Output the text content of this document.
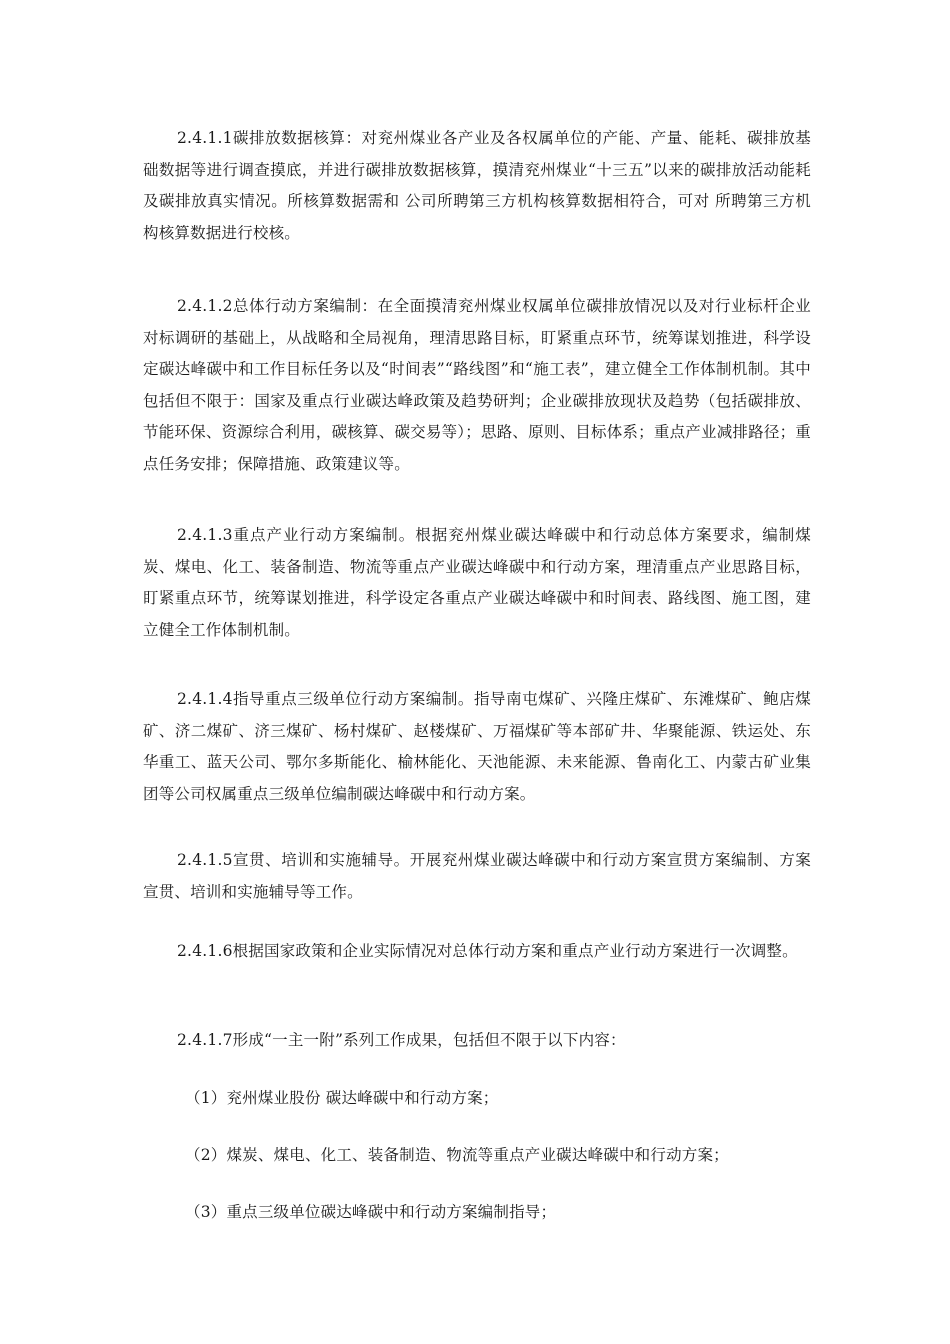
2.4.1.1碳排放数据核算：对兖州煤业各产业及各权属单位的产能、产量、能耗、碳排放基础数据等进行调查摸底，并进行碳排放数据核算，摸清兖州煤业“十三五”以来的碳排放活动能耗及碳排放真实情况。所核算数据需和 公司所聘第三方机构核算数据相符合，可对 所聘第三方机构核算数据进行校核。

2.4.1.2总体行动方案编制：在全面摸清兖州煤业权属单位碳排放情况以及对行业标杆企业对标调研的基础上，从战略和全局视角，理清思路目标，盯紧重点环节，统筹谋划推进，科学设定碳达峰碳中和工作目标任务以及“时间表”“路线图”和“施工表”，建立健全工作体制机制。其中包括但不限于：国家及重点行业碳达峰政策及趋势研判；企业碳排放现状及趋势（包括碳排放、节能环保、资源综合利用，碳核算、碳交易等）；思路、原则、目标体系；重点产业减排路径；重点任务安排；保障措施、政策建议等。

2.4.1.3重点产业行动方案编制。根据兖州煤业碳达峰碳中和行动总体方案要求，编制煤炭、煤电、化工、装备制造、物流等重点产业碳达峰碳中和行动方案，理清重点产业思路目标，盯紧重点环节，统筹谋划推进，科学设定各重点产业碳达峰碳中和时间表、路线图、施工图，建立健全工作体制机制。

2.4.1.4指导重点三级单位行动方案编制。指导南屯煤矿、兴隆庄煤矿、东滩煤矿、鲍店煤矿、济二煤矿、济三煤矿、杨村煤矿、赵楼煤矿、万福煤矿等本部矿井、华聚能源、铁运处、东华重工、蓝天公司、鄂尔多斯能化、榆林能化、天池能源、未来能源、鲁南化工、内蒙古矿业集团等公司权属重点三级单位编制碳达峰碳中和行动方案。

2.4.1.5宣贯、培训和实施辅导。开展兖州煤业碳达峰碳中和行动方案宣贯方案编制、方案宣贯、培训和实施辅导等工作。

2.4.1.6根据国家政策和企业实际情况对总体行动方案和重点产业行动方案进行一次调整。

2.4.1.7形成“一主一附”系列工作成果，包括但不限于以下内容：

（1）兖州煤业股份 碳达峰碳中和行动方案；

（2）煤炭、煤电、化工、装备制造、物流等重点产业碳达峰碳中和行动方案；

（3）重点三级单位碳达峰碳中和行动方案编制指导；
